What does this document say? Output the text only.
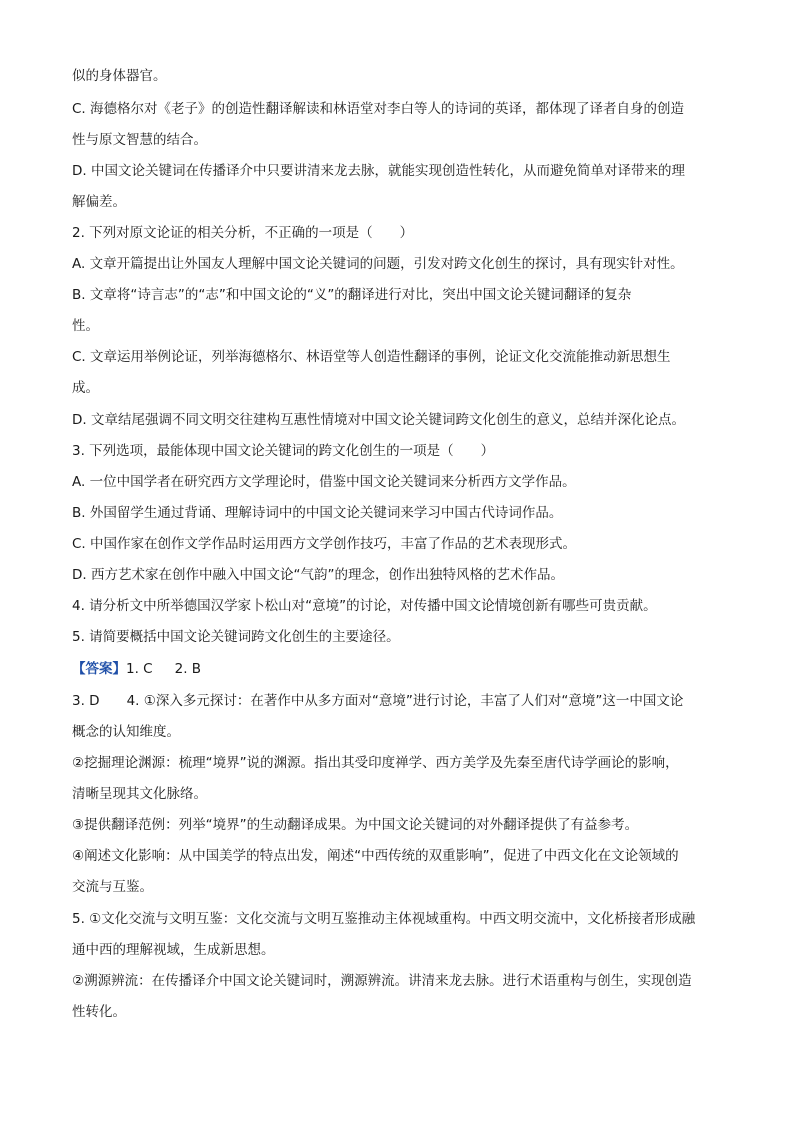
似的身体器官。
C. 海德格尔对《老子》的创造性翻译解读和林语堂对李白等人的诗词的英译，都体现了译者自身的创造
性与原文智慧的结合。
D. 中国文论关键词在传播译介中只要讲清来龙去脉，就能实现创造性转化，从而避免简单对译带来的理
解偏差。
2. 下列对原文论证的相关分析，不正确的一项是（　　）
A. 文章开篇提出让外国友人理解中国文论关键词的问题，引发对跨文化创生的探讨，具有现实针对性。
B. 文章将“诗言志”的“志”和中国文论的“义”的翻译进行对比，突出中国文论关键词翻译的复杂
性。
C. 文章运用举例论证，列举海德格尔、林语堂等人创造性翻译的事例，论证文化交流能推动新思想生
成。
D. 文章结尾强调不同文明交往建构互惠性情境对中国文论关键词跨文化创生的意义，总结并深化论点。
3. 下列选项，最能体现中国文论关键词的跨文化创生的一项是（　　）
A. 一位中国学者在研究西方文学理论时，借鉴中国文论关键词来分析西方文学作品。
B. 外国留学生通过背诵、理解诗词中的中国文论关键词来学习中国古代诗词作品。
C. 中国作家在创作文学作品时运用西方文学创作技巧，丰富了作品的艺术表现形式。
D. 西方艺术家在创作中融入中国文论“气韵”的理念，创作出独特风格的艺术作品。
4. 请分析文中所举德国汉学家卜松山对“意境”的讨论，对传播中国文论情境创新有哪些可贵贡献。
5. 请简要概括中国文论关键词跨文化创生的主要途径。
【答案】1. C 2. B
3. D　　4. ①深入多元探讨：在著作中从多方面对“意境”进行讨论，丰富了人们对“意境”这一中国文论
概念的认知维度。
②挖掘理论渊源：梳理“境界”说的渊源。指出其受印度禅学、西方美学及先秦至唐代诗学画论的影响，
清晰呈现其文化脉络。
③提供翻译范例：列举“境界”的生动翻译成果。为中国文论关键词的对外翻译提供了有益参考。
④阐述文化影响：从中国美学的特点出发，阐述“中西传统的双重影响”，促进了中西文化在文论领域的
交流与互鉴。
5. ①文化交流与文明互鉴：文化交流与文明互鉴推动主体视域重构。中西文明交流中，文化桥接者形成融
通中西的理解视域，生成新思想。
②溯源辨流：在传播译介中国文论关键词时，溯源辨流。讲清来龙去脉。进行术语重构与创生，实现创造
性转化。
